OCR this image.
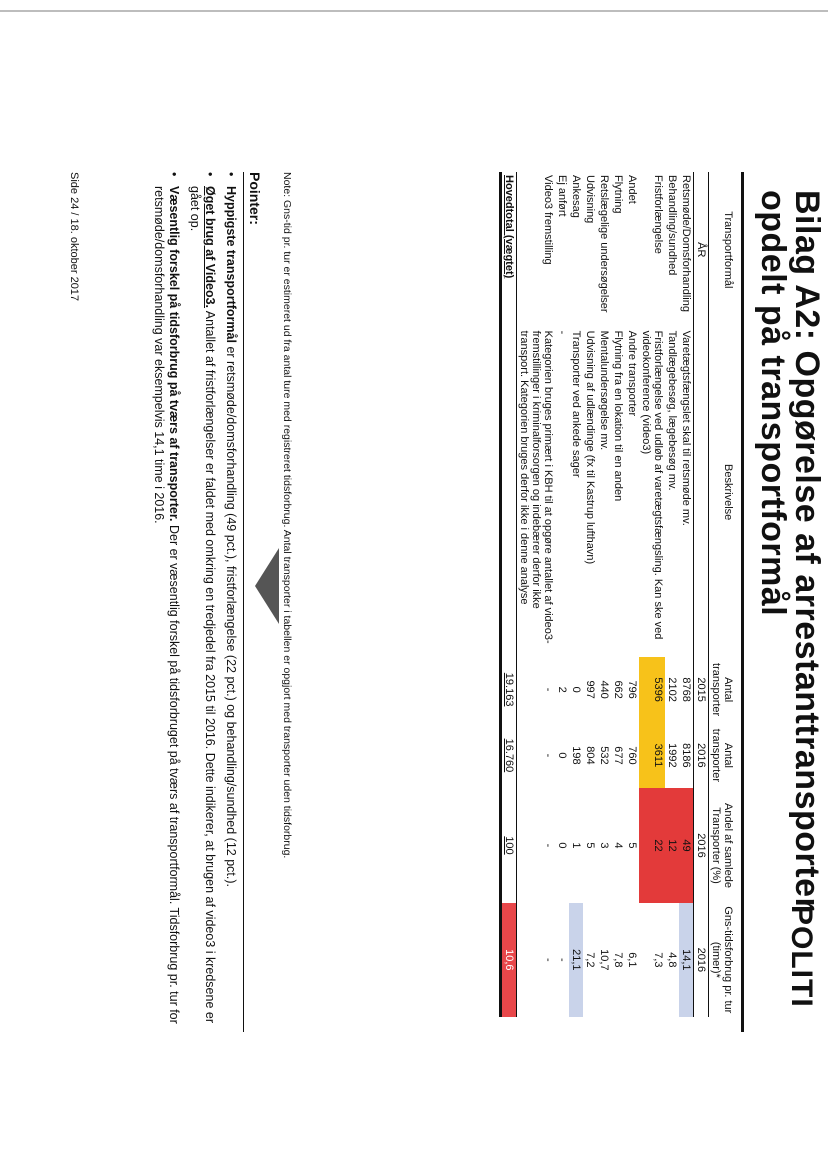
Bilag A2: Opgørelse af arrestanttransporter opdelt på transportformål
POLITI
Transportformål	Beskrivelse	Antal transporter	Antal transporter	Andel af samlede Transporter (%)	Gns-tidsforbrug pr. tur (timer)*
ÅR		2015	2016	2016	2016
Retsmøde/Domsforhandling	Varetægtsfængslet skal til retsmøde mv.	8768	8186	49	14,1
Behandling/sundhed	Tandlægebesøg, lægebesøg mv.	2102	1992	12	4,8
Fristforlængelse	Fristforlængelse ved udløb af varetægtsfængsling. Kan ske ved videokonference (video3)	5396	3611	22	7,3
Andet	Andre transporter	796	760	5	6,1
Flytning	Flytning fra en lokation til en anden	662	677	4	7,8
Retslægelige undersøgelser	Mentalundersøgelse mv.	440	532	3	10,7
Udvisning	Udvisning af udlændinge (fx til Kastrup lufthavn)	997	804	5	7,2
Ankesag	Transporter ved ankede sager	0	198	1	21,1
Ej anført	-	2	0	0	-
Video3 fremstilling	Kategorien bruges primært i KBH til at opgøre antallet af video3-fremstillinger i kriminalforsorgen og indebærer derfor ikke transport. Kategorien bruges derfor ikke i denne analyse	-	-	-	-
Hovedtotal (vægtet)		19.163	16.760	100	10,6
Note: Gns-tid pr. tur er estimeret ud fra antal ture med registreret tidsforbrug. Antal transporter i tabellen er opgjort med transporter uden tidsforbrug.
Pointer:
• Hyppigste transportformål er retsmøde/domsforhandling (49 pct.), fristforlængelse (22 pct.) og behandling/sundhed (12 pct.).
• Øget brug af Video3. Antallet af fristforlængelser er faldet med omkring en tredjedel fra 2015 til 2016. Dette indikerer, at brugen af video3 i kredsene er gået op.
• Væsentlig forskel på tidsforbrug på tværs af transporter. Der er væsentlig forskel på tidsforbruget på tværs af transportformål. Tidsforbrug pr. tur for retsmøde/domsforhandling var eksempelvis 14,1 time i 2016.
Side 24 / 18. oktober 2017
